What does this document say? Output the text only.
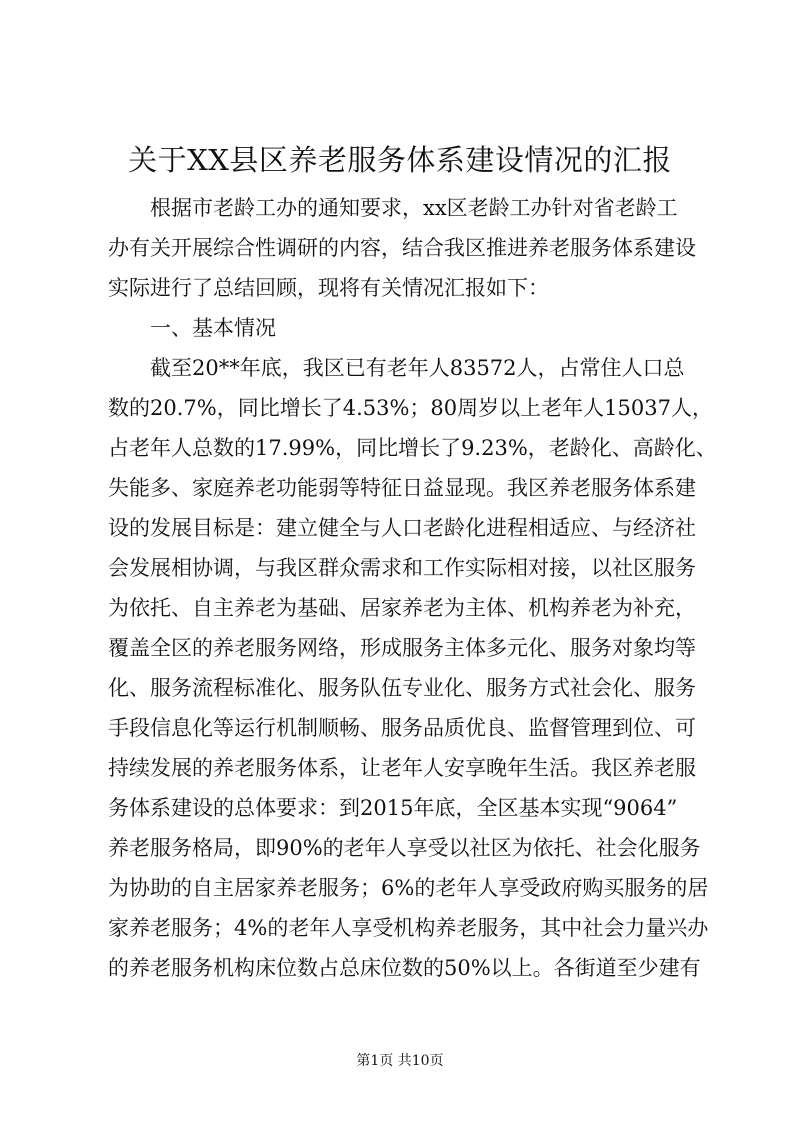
关于XX县区养老服务体系建设情况的汇报
根据市老龄工办的通知要求，xx区老龄工办针对省老龄工
办有关开展综合性调研的内容，结合我区推进养老服务体系建设
实际进行了总结回顾，现将有关情况汇报如下：
一、基本情况
截至20**年底，我区已有老年人83572人，占常住人口总
数的20.7%，同比增长了4.53%；80周岁以上老年人15037人，
占老年人总数的17.99%，同比增长了9.23%，老龄化、高龄化、
失能多、家庭养老功能弱等特征日益显现。我区养老服务体系建
设的发展目标是：建立健全与人口老龄化进程相适应、与经济社
会发展相协调，与我区群众需求和工作实际相对接，以社区服务
为依托、自主养老为基础、居家养老为主体、机构养老为补充，
覆盖全区的养老服务网络，形成服务主体多元化、服务对象均等
化、服务流程标准化、服务队伍专业化、服务方式社会化、服务
手段信息化等运行机制顺畅、服务品质优良、监督管理到位、可
持续发展的养老服务体系，让老年人安享晚年生活。我区养老服
务体系建设的总体要求：到2015年底，全区基本实现“9064”
养老服务格局，即90%的老年人享受以社区为依托、社会化服务
为协助的自主居家养老服务；6%的老年人享受政府购买服务的居
家养老服务；4%的老年人享受机构养老服务，其中社会力量兴办
的养老服务机构床位数占总床位数的50%以上。各街道至少建有
第1页 共10页
